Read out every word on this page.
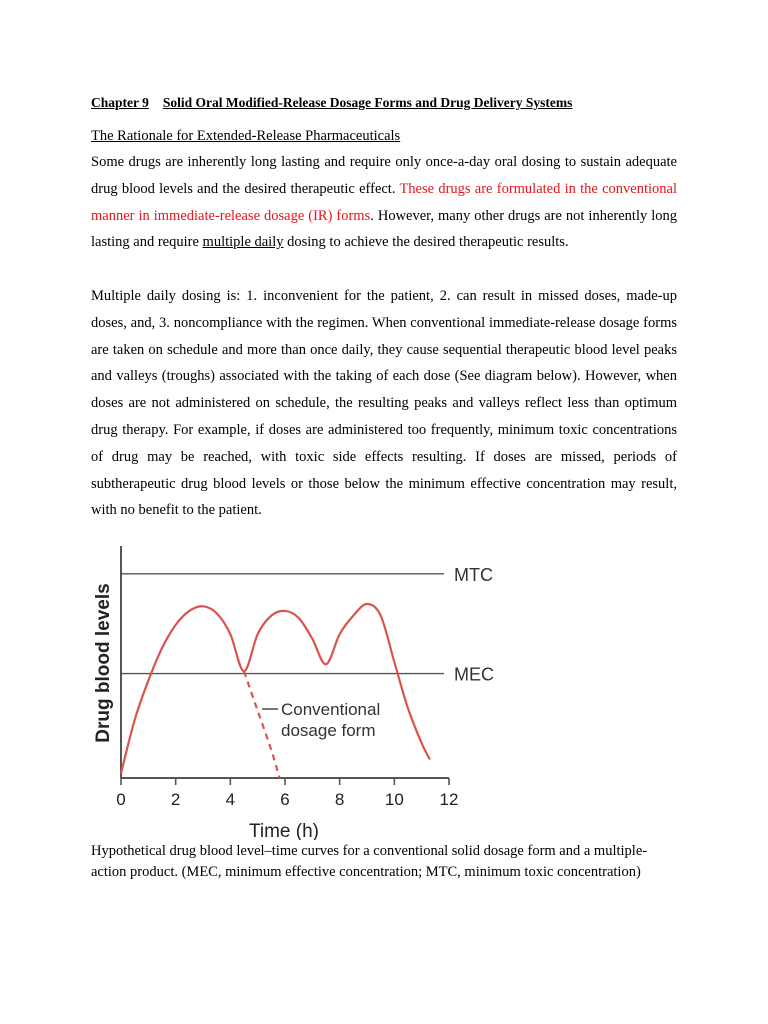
Chapter 9 Solid Oral Modified-Release Dosage Forms and Drug Delivery Systems
The Rationale for Extended-Release Pharmaceuticals
Some drugs are inherently long lasting and require only once-a-day oral dosing to sustain adequate drug blood levels and the desired therapeutic effect. These drugs are formulated in the conventional manner in immediate-release dosage (IR) forms. However, many other drugs are not inherently long lasting and require multiple daily dosing to achieve the desired therapeutic results.
Multiple daily dosing is: 1. inconvenient for the patient, 2. can result in missed doses, made-up doses, and, 3. noncompliance with the regimen. When conventional immediate-release dosage forms are taken on schedule and more than once daily, they cause sequential therapeutic blood level peaks and valleys (troughs) associated with the taking of each dose (See diagram below). However, when doses are not administered on schedule, the resulting peaks and valleys reflect less than optimum drug therapy. For example, if doses are administered too frequently, minimum toxic concentrations of drug may be reached, with toxic side effects resulting. If doses are missed, periods of subtherapeutic drug blood levels or those below the minimum effective concentration may result, with no benefit to the patient.
MTC
MEC
0	2	4	6	8 10 12
Time (h)
Drug blood levels	Conventional
dosage form
Hypothetical drug blood level–time curves for a conventional solid dosage form and a multiple-action product. (MEC, minimum effective concentration; MTC, minimum toxic concentration)
